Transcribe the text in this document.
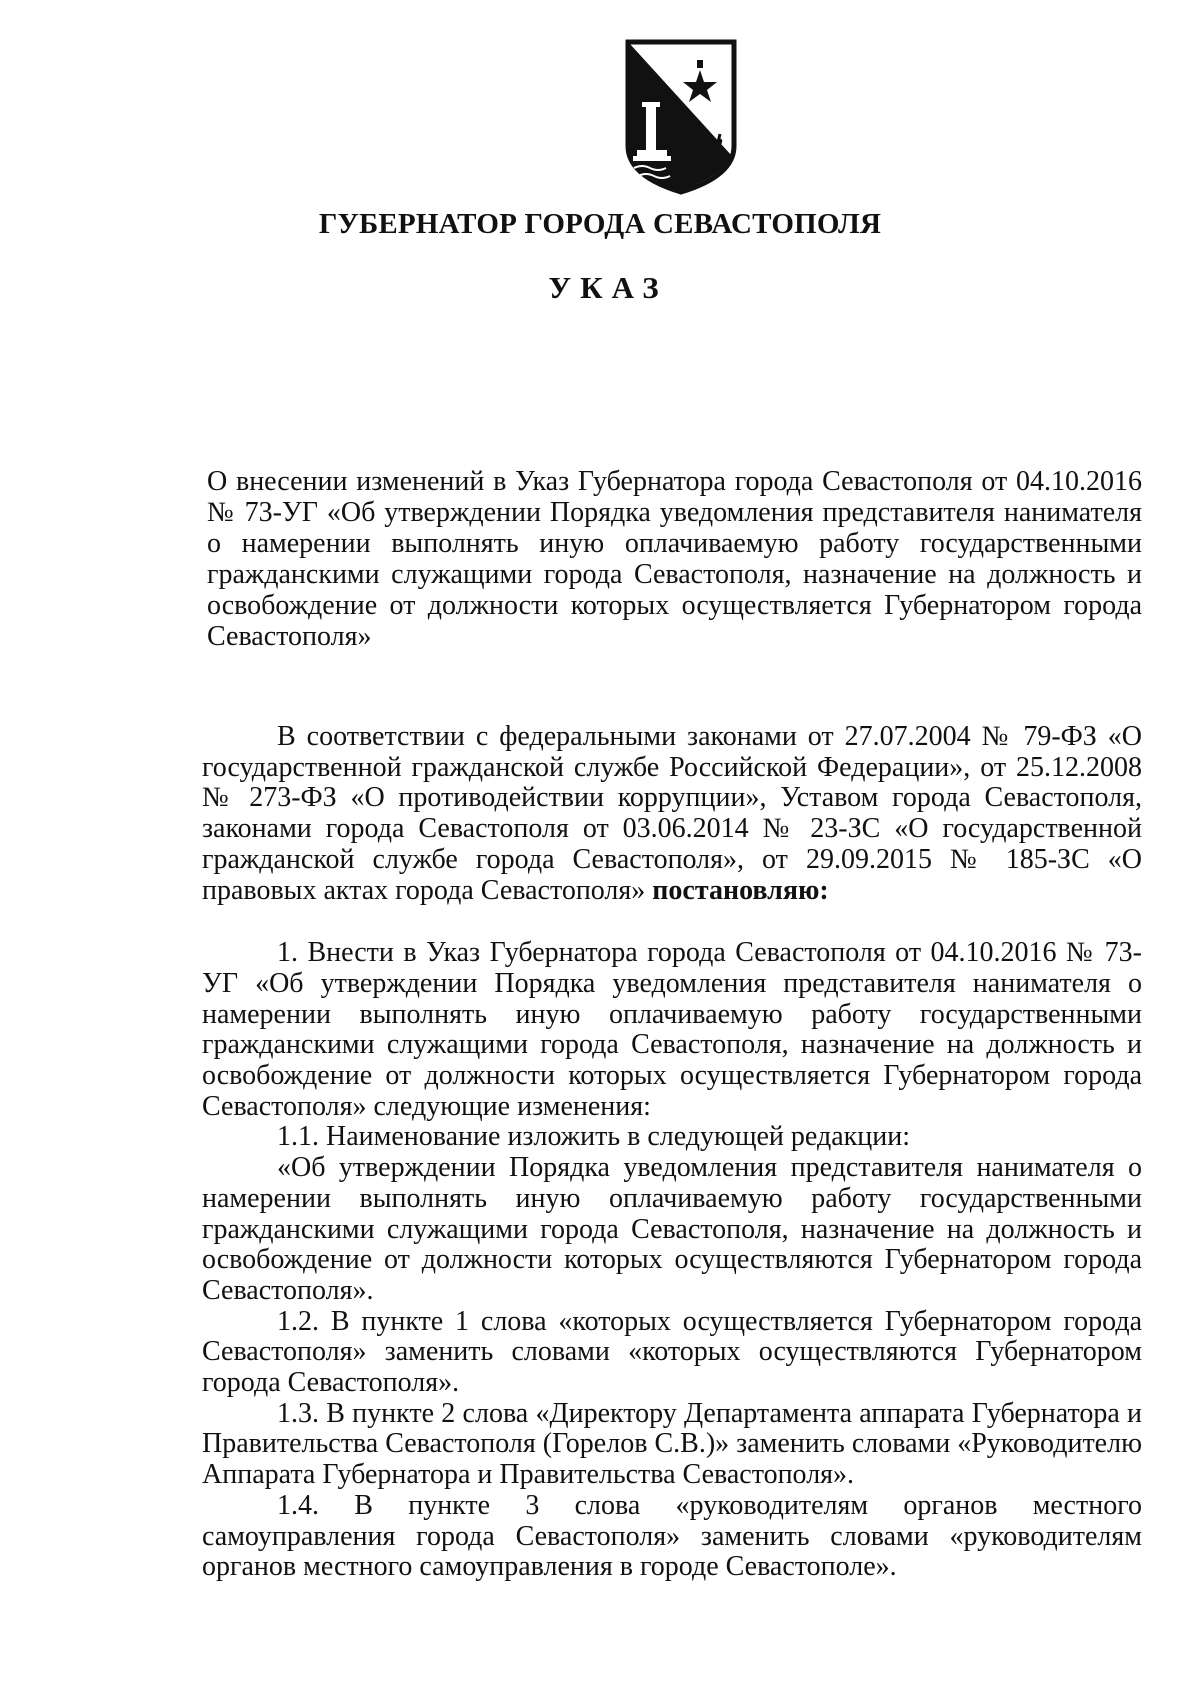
ГУБЕРНАТОР ГОРОДА СЕВАСТОПОЛЯ
УКАЗ
О внесении изменений в Указ Губернатора города Севастополя от 04.10.2016 № 73-УГ «Об утверждении Порядка уведомления представителя нанимателя о намерении выполнять иную оплачиваемую работу государственными гражданскими служащими города Севастополя, назначение на должность и освобождение от должности которых осуществляется Губернатором города Севастополя»

В соответствии с федеральными законами от 27.07.2004 № 79-ФЗ «О государственной гражданской службе Российской Федерации», от 25.12.2008 № 273-ФЗ «О противодействии коррупции», Уставом города Севастополя, законами города Севастополя от 03.06.2014 № 23-ЗС «О государственной гражданской службе города Севастополя», от 29.09.2015 № 185-ЗС «О правовых актах города Севастополя» постановляю:

1. Внести в Указ Губернатора города Севастополя от 04.10.2016 № 73-УГ «Об утверждении Порядка уведомления представителя нанимателя о намерении выполнять иную оплачиваемую работу государственными гражданскими служащими города Севастополя, назначение на должность и освобождение от должности которых осуществляется Губернатором города Севастополя» следующие изменения:

1.1. Наименование изложить в следующей редакции:

«Об утверждении Порядка уведомления представителя нанимателя о намерении выполнять иную оплачиваемую работу государственными гражданскими служащими города Севастополя, назначение на должность и освобождение от должности которых осуществляются Губернатором города Севастополя».

1.2. В пункте 1 слова «которых осуществляется Губернатором города Севастополя» заменить словами «которых осуществляются Губернатором города Севастополя».

1.3. В пункте 2 слова «Директору Департамента аппарата Губернатора и Правительства Севастополя (Горелов С.В.)» заменить словами «Руководителю Аппарата Губернатора и Правительства Севастополя».

1.4. В пункте 3 слова «руководителям органов местного самоуправления города Севастополя» заменить словами «руководителям органов местного самоуправления в городе Севастополе».
